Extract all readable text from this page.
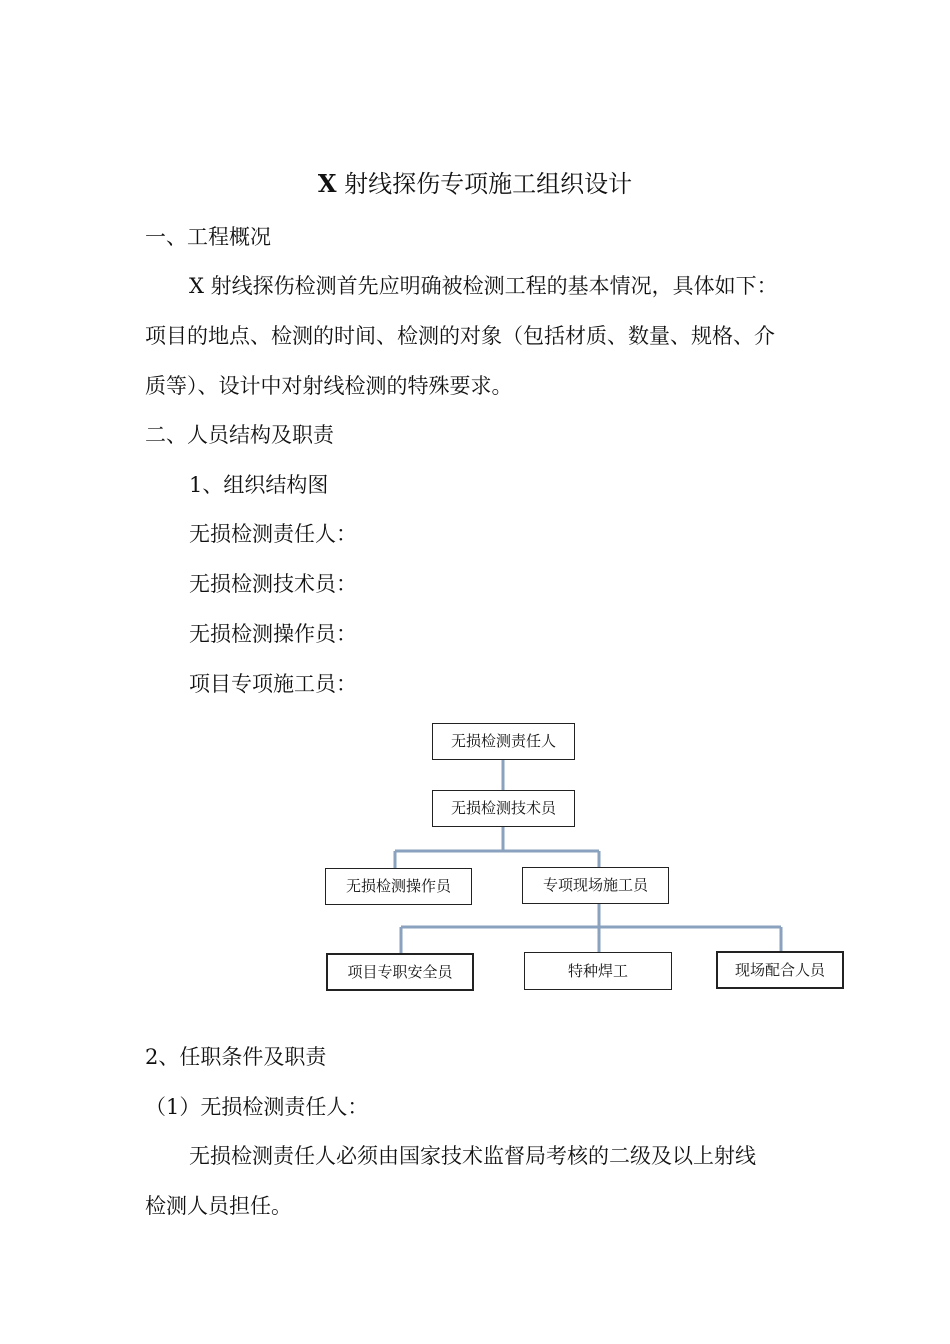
X 射线探伤专项施工组织设计
一、工程概况
X 射线探伤检测首先应明确被检测工程的基本情况，具体如下：
项目的地点、检测的时间、检测的对象（包括材质、数量、规格、介
质等）、设计中对射线检测的特殊要求。
二、人员结构及职责
1、组织结构图
无损检测责任人：
无损检测技术员：
无损检测操作员：
项目专项施工员：
无损检测责任人
无损检测技术员
无损检测操作员	专项现场施工员
项目专职安全员	特种焊工	现场配合人员
2、任职条件及职责
（1）无损检测责任人：
无损检测责任人必须由国家技术监督局考核的二级及以上射线
检测人员担任。
